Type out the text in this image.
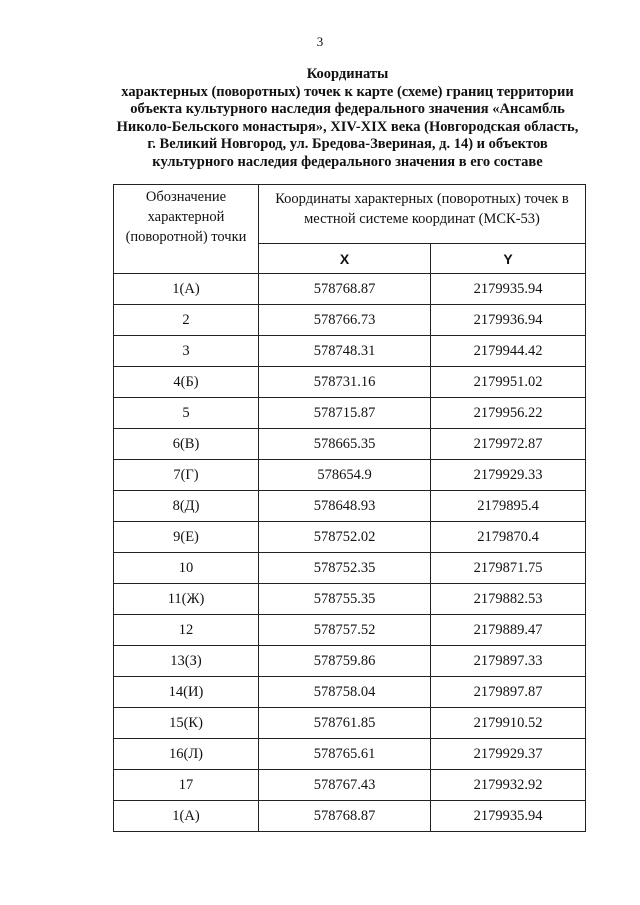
3
Координаты
характерных (поворотных) точек к карте (схеме) границ территории
объекта культурного наследия федерального значения «Ансамбль
Николо-Бельского монастыря», XIV-XIX века (Новгородская область,
г. Великий Новгород, ул. Бредова-Звериная, д. 14) и объектов
культурного наследия федерального значения в его составе
Обозначение характерной (поворотной) точки	Координаты характерных (поворотных) точек в местной системе координат (МСК-53)	
	X	Y
1(А)	578768.87	2179935.94
2	578766.73	2179936.94
3	578748.31	2179944.42
4(Б)	578731.16	2179951.02
5	578715.87	2179956.22
6(В)	578665.35	2179972.87
7(Г)	578654.9	2179929.33
8(Д)	578648.93	2179895.4
9(Е)	578752.02	2179870.4
10	578752.35	2179871.75
11(Ж)	578755.35	2179882.53
12	578757.52	2179889.47
13(З)	578759.86	2179897.33
14(И)	578758.04	2179897.87
15(К)	578761.85	2179910.52
16(Л)	578765.61	2179929.37
17	578767.43	2179932.92
1(А)	578768.87	2179935.94
